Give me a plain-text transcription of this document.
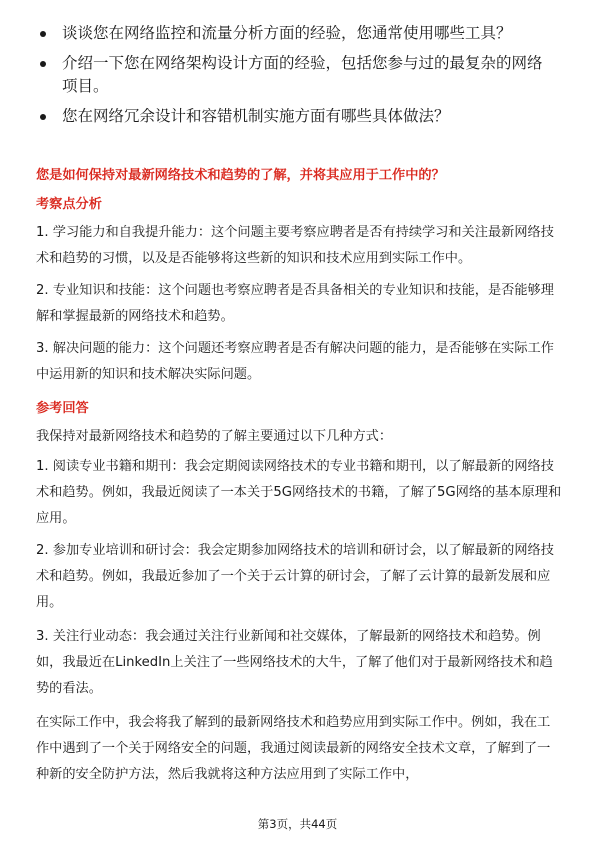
谈谈您在网络监控和流量分析方面的经验，您通常使用哪些工具？
介绍一下您在网络架构设计方面的经验，包括您参与过的最复杂的网络项目。
您在网络冗余设计和容错机制实施方面有哪些具体做法？
您是如何保持对最新网络技术和趋势的了解，并将其应用于工作中的？
考察点分析
1. 学习能力和自我提升能力：这个问题主要考察应聘者是否有持续学习和关注最新网络技术和趋势的习惯，以及是否能够将这些新的知识和技术应用到实际工作中。
2. 专业知识和技能：这个问题也考察应聘者是否具备相关的专业知识和技能，是否能够理解和掌握最新的网络技术和趋势。
3. 解决问题的能力：这个问题还考察应聘者是否有解决问题的能力，是否能够在实际工作中运用新的知识和技术解决实际问题。
参考回答
我保持对最新网络技术和趋势的了解主要通过以下几种方式：
1. 阅读专业书籍和期刊：我会定期阅读网络技术的专业书籍和期刊，以了解最新的网络技术和趋势。例如，我最近阅读了一本关于5G网络技术的书籍，了解了5G网络的基本原理和应用。
2. 参加专业培训和研讨会：我会定期参加网络技术的培训和研讨会，以了解最新的网络技术和趋势。例如，我最近参加了一个关于云计算的研讨会，了解了云计算的最新发展和应用。
3. 关注行业动态：我会通过关注行业新闻和社交媒体，了解最新的网络技术和趋势。例如，我最近在LinkedIn上关注了一些网络技术的大牛，了解了他们对于最新网络技术和趋势的看法。
在实际工作中，我会将我了解到的最新网络技术和趋势应用到实际工作中。例如，我在工作中遇到了一个关于网络安全的问题，我通过阅读最新的网络安全技术文章，了解到了一种新的安全防护方法，然后我就将这种方法应用到了实际工作中，
第3页，共44页
